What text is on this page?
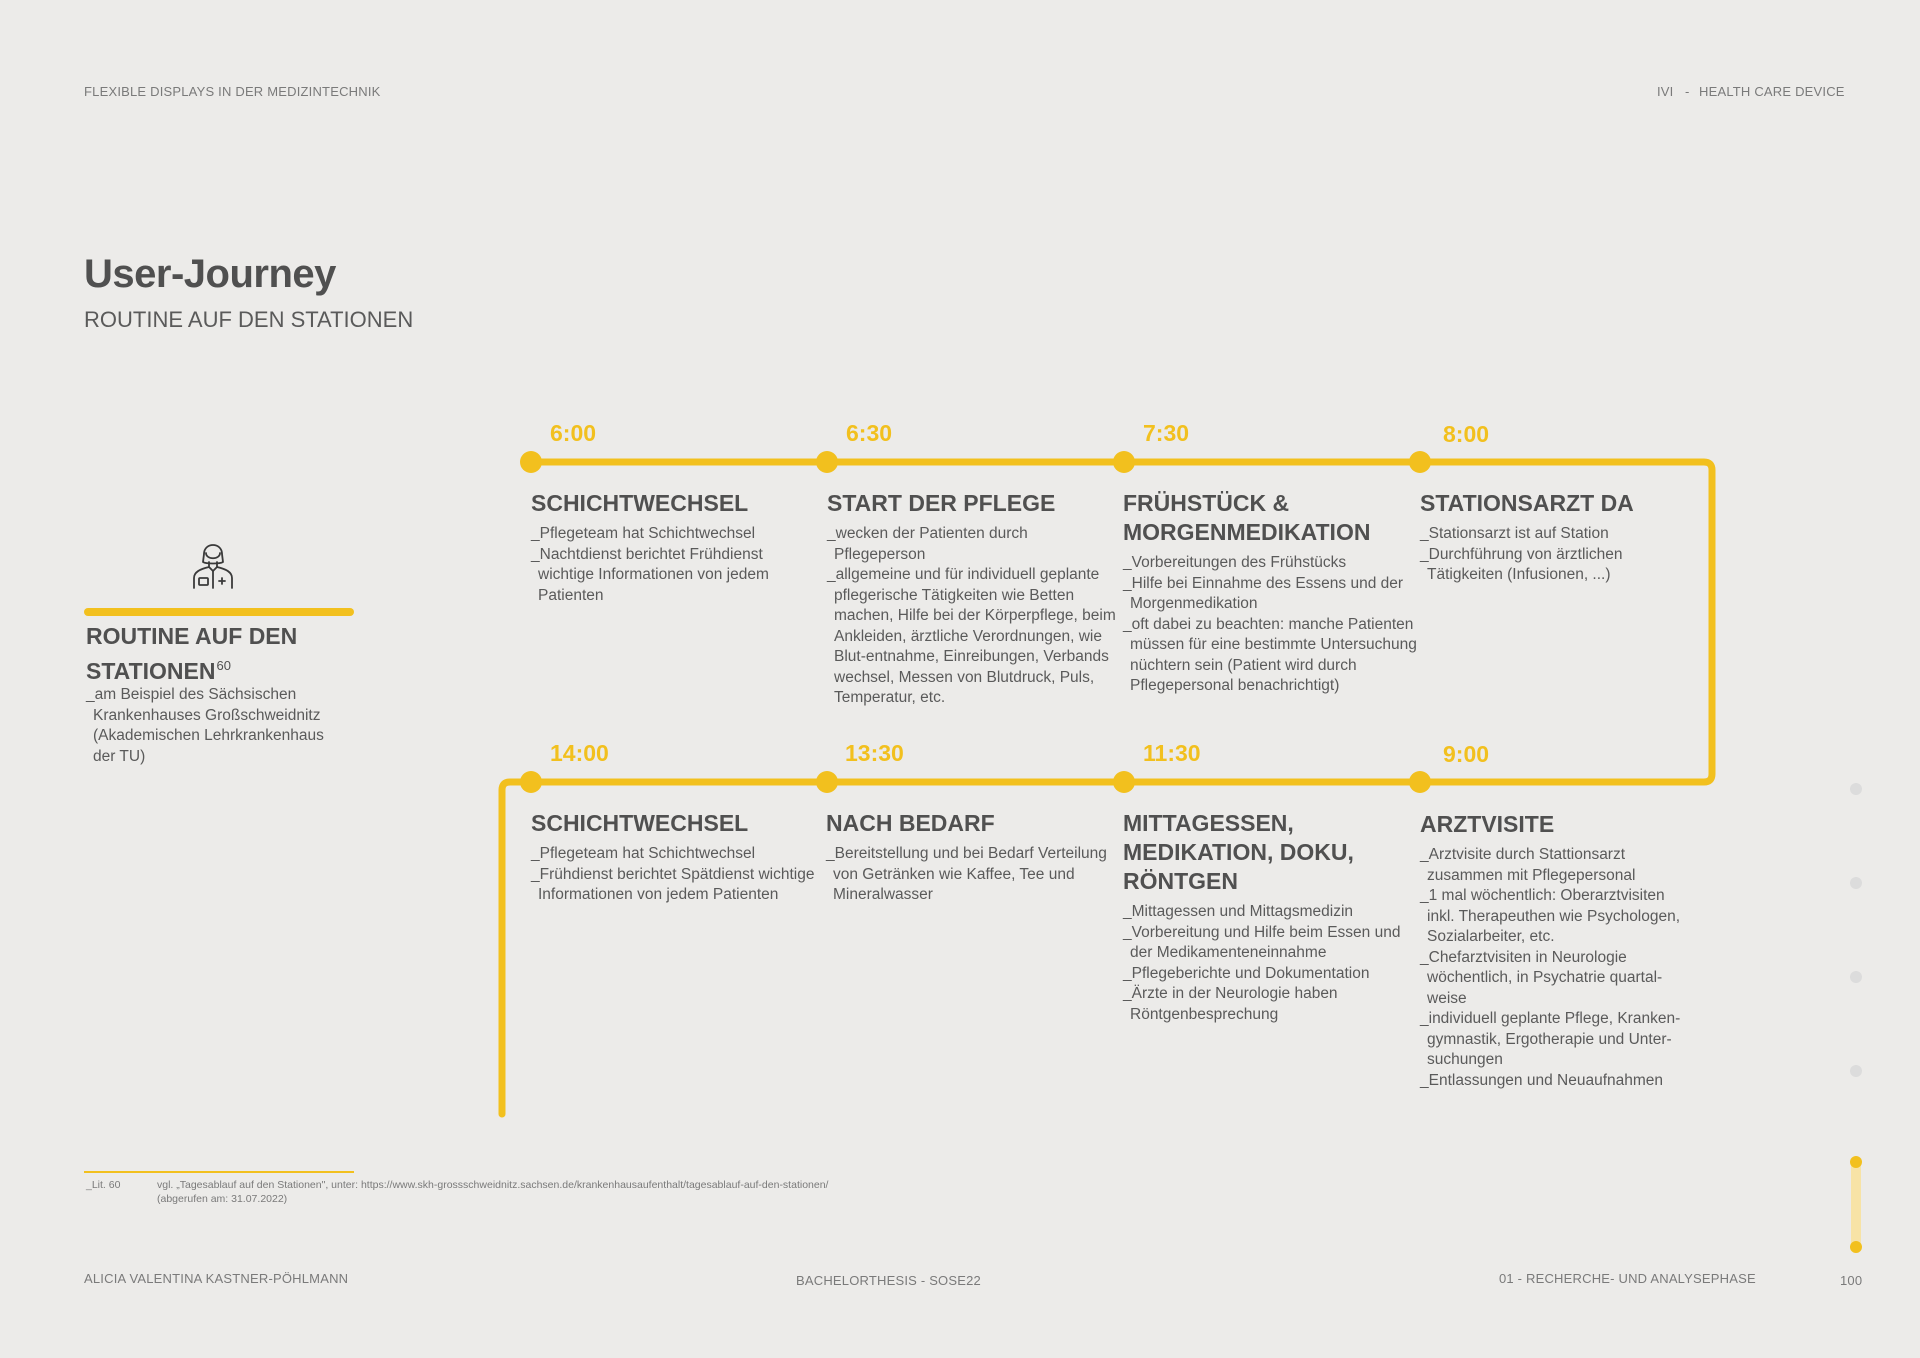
FLEXIBLE DISPLAYS IN DER MEDIZINTECHNIK	IVI - HEALTH CARE DEVICE
User-Journey
ROUTINE AUF DEN STATIONEN
ROUTINE AUF DEN STATIONEN$^{60}$
_am Beispiel des Sächsischen Krankenhauses Großschweidnitz (Akademischen Lehrkrankenhaus der TU)
6:00
SCHICHTWECHSEL
_Pflegeteam hat Schichtwechsel
_Nachtdienst berichtet Frühdienst wichtige Informationen von jedem Patienten
6:30
START DER PFLEGE
_wecken der Patienten durch Pflegeperson
_allgemeine und für individuell geplante pflegerische Tätigkeiten wie Betten machen, Hilfe bei der Körperpflege, beim Ankleiden, ärztliche Verordnungen, wie Blut-entnahme, Einreibungen, Verbands wechsel, Messen von Blutdruck, Puls, Temperatur, etc.
7:30
FRÜHSTÜCK & MORGENMEDIKATION
_Vorbereitungen des Frühstücks
_Hilfe bei Einnahme des Essens und der Morgenmedikation
_oft dabei zu beachten: manche Patienten müssen für eine bestimmte Untersuchung nüchtern sein (Patient wird durch Pflegepersonal benachrichtigt)
8:00
STATIONSARZT DA
_Stationsarzt ist auf Station
_Durchführung von ärztlichen Tätigkeiten (Infusionen, ...)
14:00
SCHICHTWECHSEL
_Pflegeteam hat Schichtwechsel
_Frühdienst berichtet Spätdienst wichtige Informationen von jedem Patienten
13:30
NACH BEDARF
_Bereitstellung und bei Bedarf Verteilung von Getränken wie Kaffee, Tee und Mineralwasser
11:30
MITTAGESSEN, MEDIKATION, DOKU, RÖNTGEN
_Mittagessen und Mittagsmedizin
_Vorbereitung und Hilfe beim Essen und der Medikamenteneinnahme
_Pflegeberichte und Dokumentation
_Ärzte in der Neurologie haben Röntgenbesprechung
9:00
ARZTVISITE
_Arztvisite durch Stattionsarzt zusammen mit Pflegepersonal
_1 mal wöchentlich: Oberarztvisiten inkl. Therapeuthen wie Psychologen, Sozialarbeiter, etc.
_Chefarztvisiten in Neurologie wöchentlich, in Psychatrie quartal-weise
_individuell geplante Pflege, Kranken-gymnastik, Ergotherapie und Unter-suchungen
_Entlassungen und Neuaufnahmen
_Lit. 60	vgl. „Tagesablauf auf den Stationen", unter: https://www.skh-grossschweidnitz.sachsen.de/krankenhausaufenthalt/tagesablauf-auf-den-stationen/
(abgerufen am: 31.07.2022)
ALICIA VALENTINA KASTNER-PÖHLMANN	BACHELORTHESIS - SOSE22	01 - RECHERCHE- UND ANALYSEPHASE	100
